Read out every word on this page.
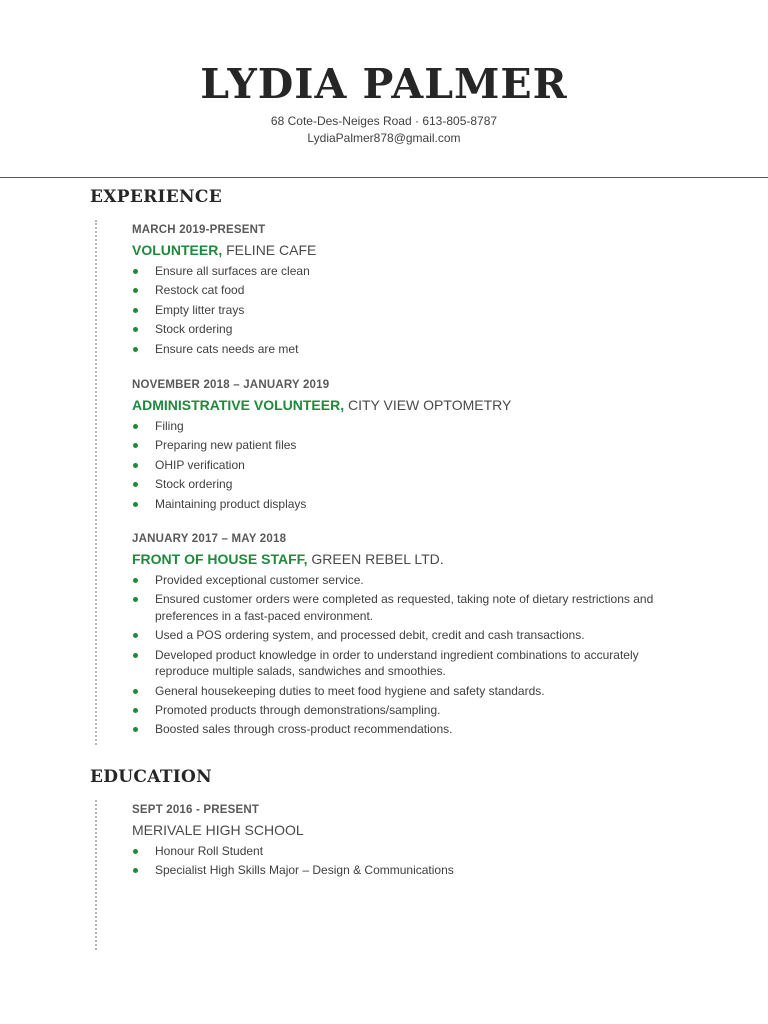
LYDIA PALMER
68 Cote-Des-Neiges Road · 613-805-8787
LydiaPalmer878@gmail.com
EXPERIENCE
MARCH 2019-PRESENT
VOLUNTEER, FELINE CAFE
Ensure all surfaces are clean
Restock cat food
Empty litter trays
Stock ordering
Ensure cats needs are met
NOVEMBER 2018 – JANUARY 2019
ADMINISTRATIVE VOLUNTEER, CITY VIEW OPTOMETRY
Filing
Preparing new patient files
OHIP verification
Stock ordering
Maintaining product displays
JANUARY 2017 – MAY 2018
FRONT OF HOUSE STAFF, GREEN REBEL LTD.
Provided exceptional customer service.
Ensured customer orders were completed as requested, taking note of dietary restrictions and preferences in a fast-paced environment.
Used a POS ordering system, and processed debit, credit and cash transactions.
Developed product knowledge in order to understand ingredient combinations to accurately reproduce multiple salads, sandwiches and smoothies.
General housekeeping duties to meet food hygiene and safety standards.
Promoted products through demonstrations/sampling.
Boosted sales through cross-product recommendations.
EDUCATION
SEPT 2016 - PRESENT
MERIVALE HIGH SCHOOL
Honour Roll Student
Specialist High Skills Major – Design & Communications
